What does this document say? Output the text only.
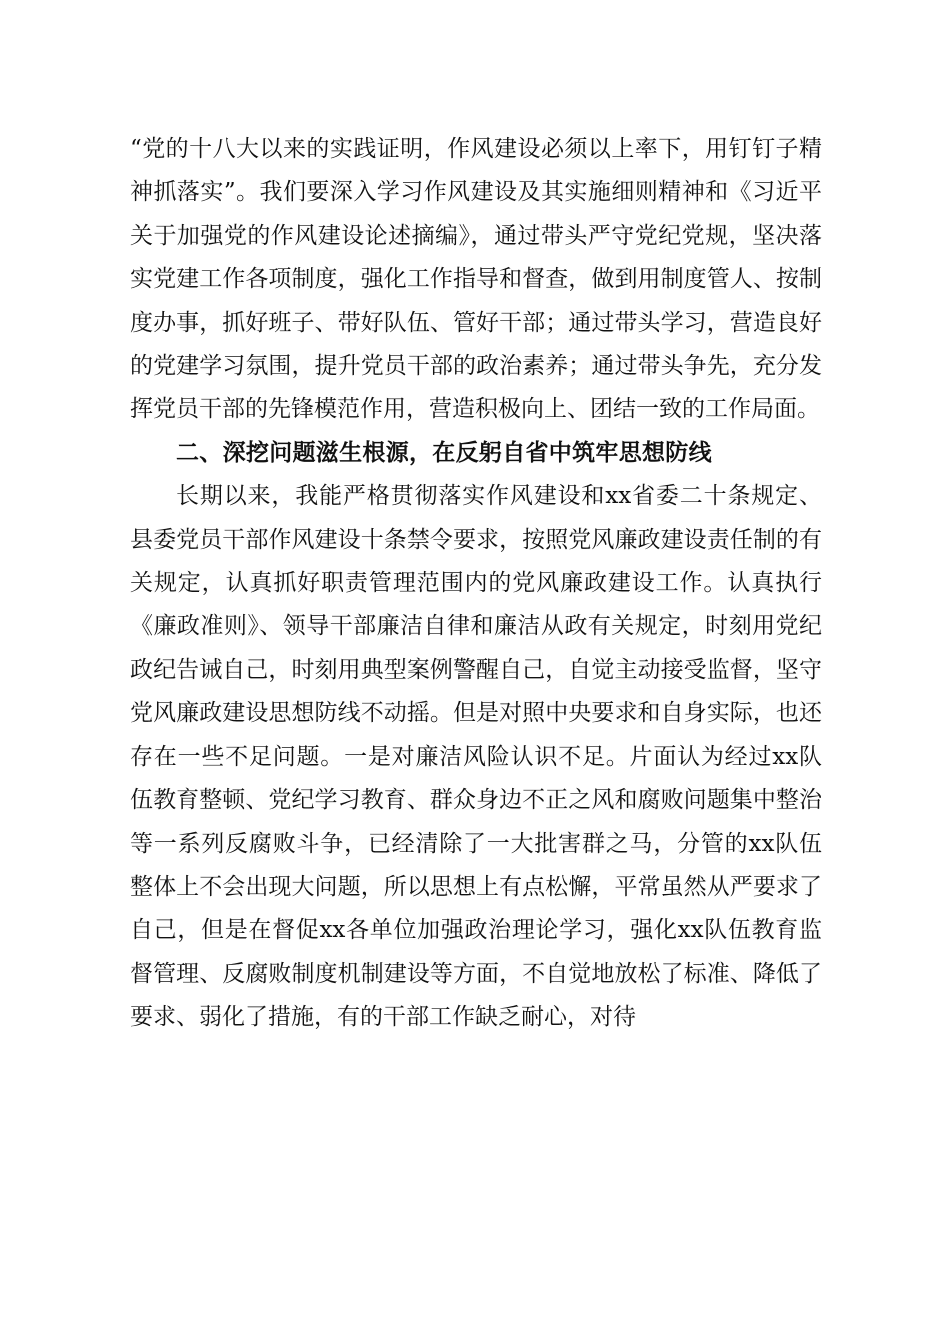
“党的十八大以来的实践证明，作风建设必须以上率下，用钉钉子精神抓落实”。我们要深入学习作风建设及其实施细则精神和《习近平关于加强党的作风建设论述摘编》，通过带头严守党纪党规，坚决落实党建工作各项制度，强化工作指导和督查，做到用制度管人、按制度办事，抓好班子、带好队伍、管好干部；通过带头学习，营造良好的党建学习氛围，提升党员干部的政治素养；通过带头争先，充分发挥党员干部的先锋模范作用，营造积极向上、团结一致的工作局面。

二、深挖问题滋生根源，在反躬自省中筑牢思想防线

长期以来，我能严格贯彻落实作风建设和xx省委二十条规定、县委党员干部作风建设十条禁令要求，按照党风廉政建设责任制的有关规定，认真抓好职责管理范围内的党风廉政建设工作。认真执行《廉政准则》、领导干部廉洁自律和廉洁从政有关规定，时刻用党纪政纪告诫自己，时刻用典型案例警醒自己，自觉主动接受监督，坚守党风廉政建设思想防线不动摇。但是对照中央要求和自身实际，也还存在一些不足问题。一是对廉洁风险认识不足。片面认为经过xx队伍教育整顿、党纪学习教育、群众身边不正之风和腐败问题集中整治等一系列反腐败斗争，已经清除了一大批害群之马，分管的xx队伍整体上不会出现大问题，所以思想上有点松懈，平常虽然从严要求了自己，但是在督促xx各单位加强政治理论学习，强化xx队伍教育监督管理、反腐败制度机制建设等方面，不自觉地放松了标准、降低了要求、弱化了措施，有的干部工作缺乏耐心，对待
